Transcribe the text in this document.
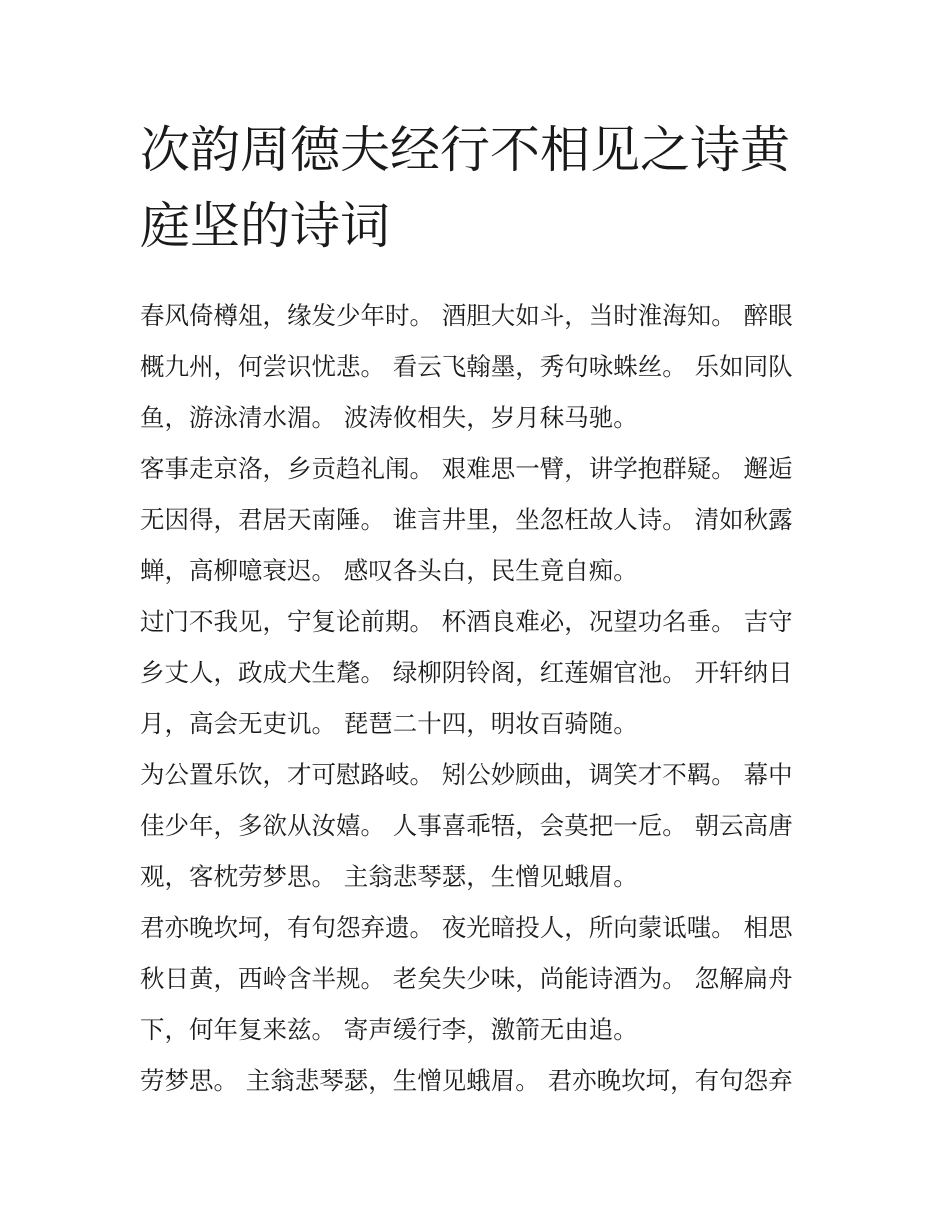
次韵周德夫经行不相见之诗黄庭坚的诗词

春风倚樽俎，缘发少年时。 酒胆大如斗，当时淮海知。 醉眼概九州，何尝识忧悲。 看云飞翰墨，秀句咏蛛丝。 乐如同队鱼，游泳清水湄。 波涛攸相失，岁月秣马驰。

客事走京洛，乡贡趋礼闱。 艰难思一臂，讲学抱群疑。 邂逅无因得，君居天南陲。 谁言井里，坐忽枉故人诗。 清如秋露蝉，高柳噫衰迟。 感叹各头白，民生竟自痴。

过门不我见，宁复论前期。 杯酒良难必，况望功名垂。 吉守乡丈人，政成犬生氂。 绿柳阴铃阁，红莲媚官池。 开轩纳日月，高会无吏讥。 琵琶二十四，明妆百骑随。

为公置乐饮，才可慰路岐。 矧公妙顾曲，调笑才不羁。 幕中佳少年，多欲从汝嬉。 人事喜乖牾，会莫把一卮。 朝云高唐观，客枕劳梦思。 主翁悲琴瑟，生憎见蛾眉。

君亦晚坎坷，有句怨弃遗。 夜光暗投人，所向蒙诋嗤。 相思秋日黄，西岭含半规。 老矣失少味，尚能诗酒为。 忽解扁舟下，何年复来兹。 寄声缓行李，激箭无由追。

劳梦思。 主翁悲琴瑟，生憎见蛾眉。 君亦晚坎坷，有句怨弃
